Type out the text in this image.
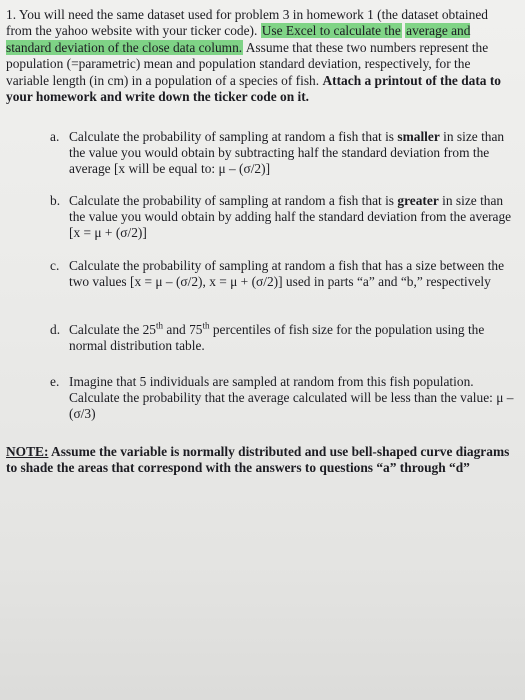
1. You will need the same dataset used for problem 3 in homework 1 (the dataset obtained from the yahoo website with your ticker code). Use Excel to calculate the average and standard deviation of the close data column. Assume that these two numbers represent the population (=parametric) mean and population standard deviation, respectively, for the variable length (in cm) in a population of a species of fish. Attach a printout of the data to your homework and write down the ticker code on it.

a. Calculate the probability of sampling at random a fish that is smaller in size than the value you would obtain by subtracting half the standard deviation from the average [x will be equal to: μ – (σ/2)]
b. Calculate the probability of sampling at random a fish that is greater in size than the value you would obtain by adding half the standard deviation from the average [x = μ + (σ/2)]
c. Calculate the probability of sampling at random a fish that has a size between the two values [x = μ – (σ/2), x = μ + (σ/2)] used in parts “a” and “b,” respectively
d. Calculate the 25th and 75th percentiles of fish size for the population using the normal distribution table.
e. Imagine that 5 individuals are sampled at random from this fish population. Calculate the probability that the average calculated will be less than the value: μ – (σ/3)
NOTE: Assume the variable is normally distributed and use bell-shaped curve diagrams to shade the areas that correspond with the answers to questions “a” through “d”
